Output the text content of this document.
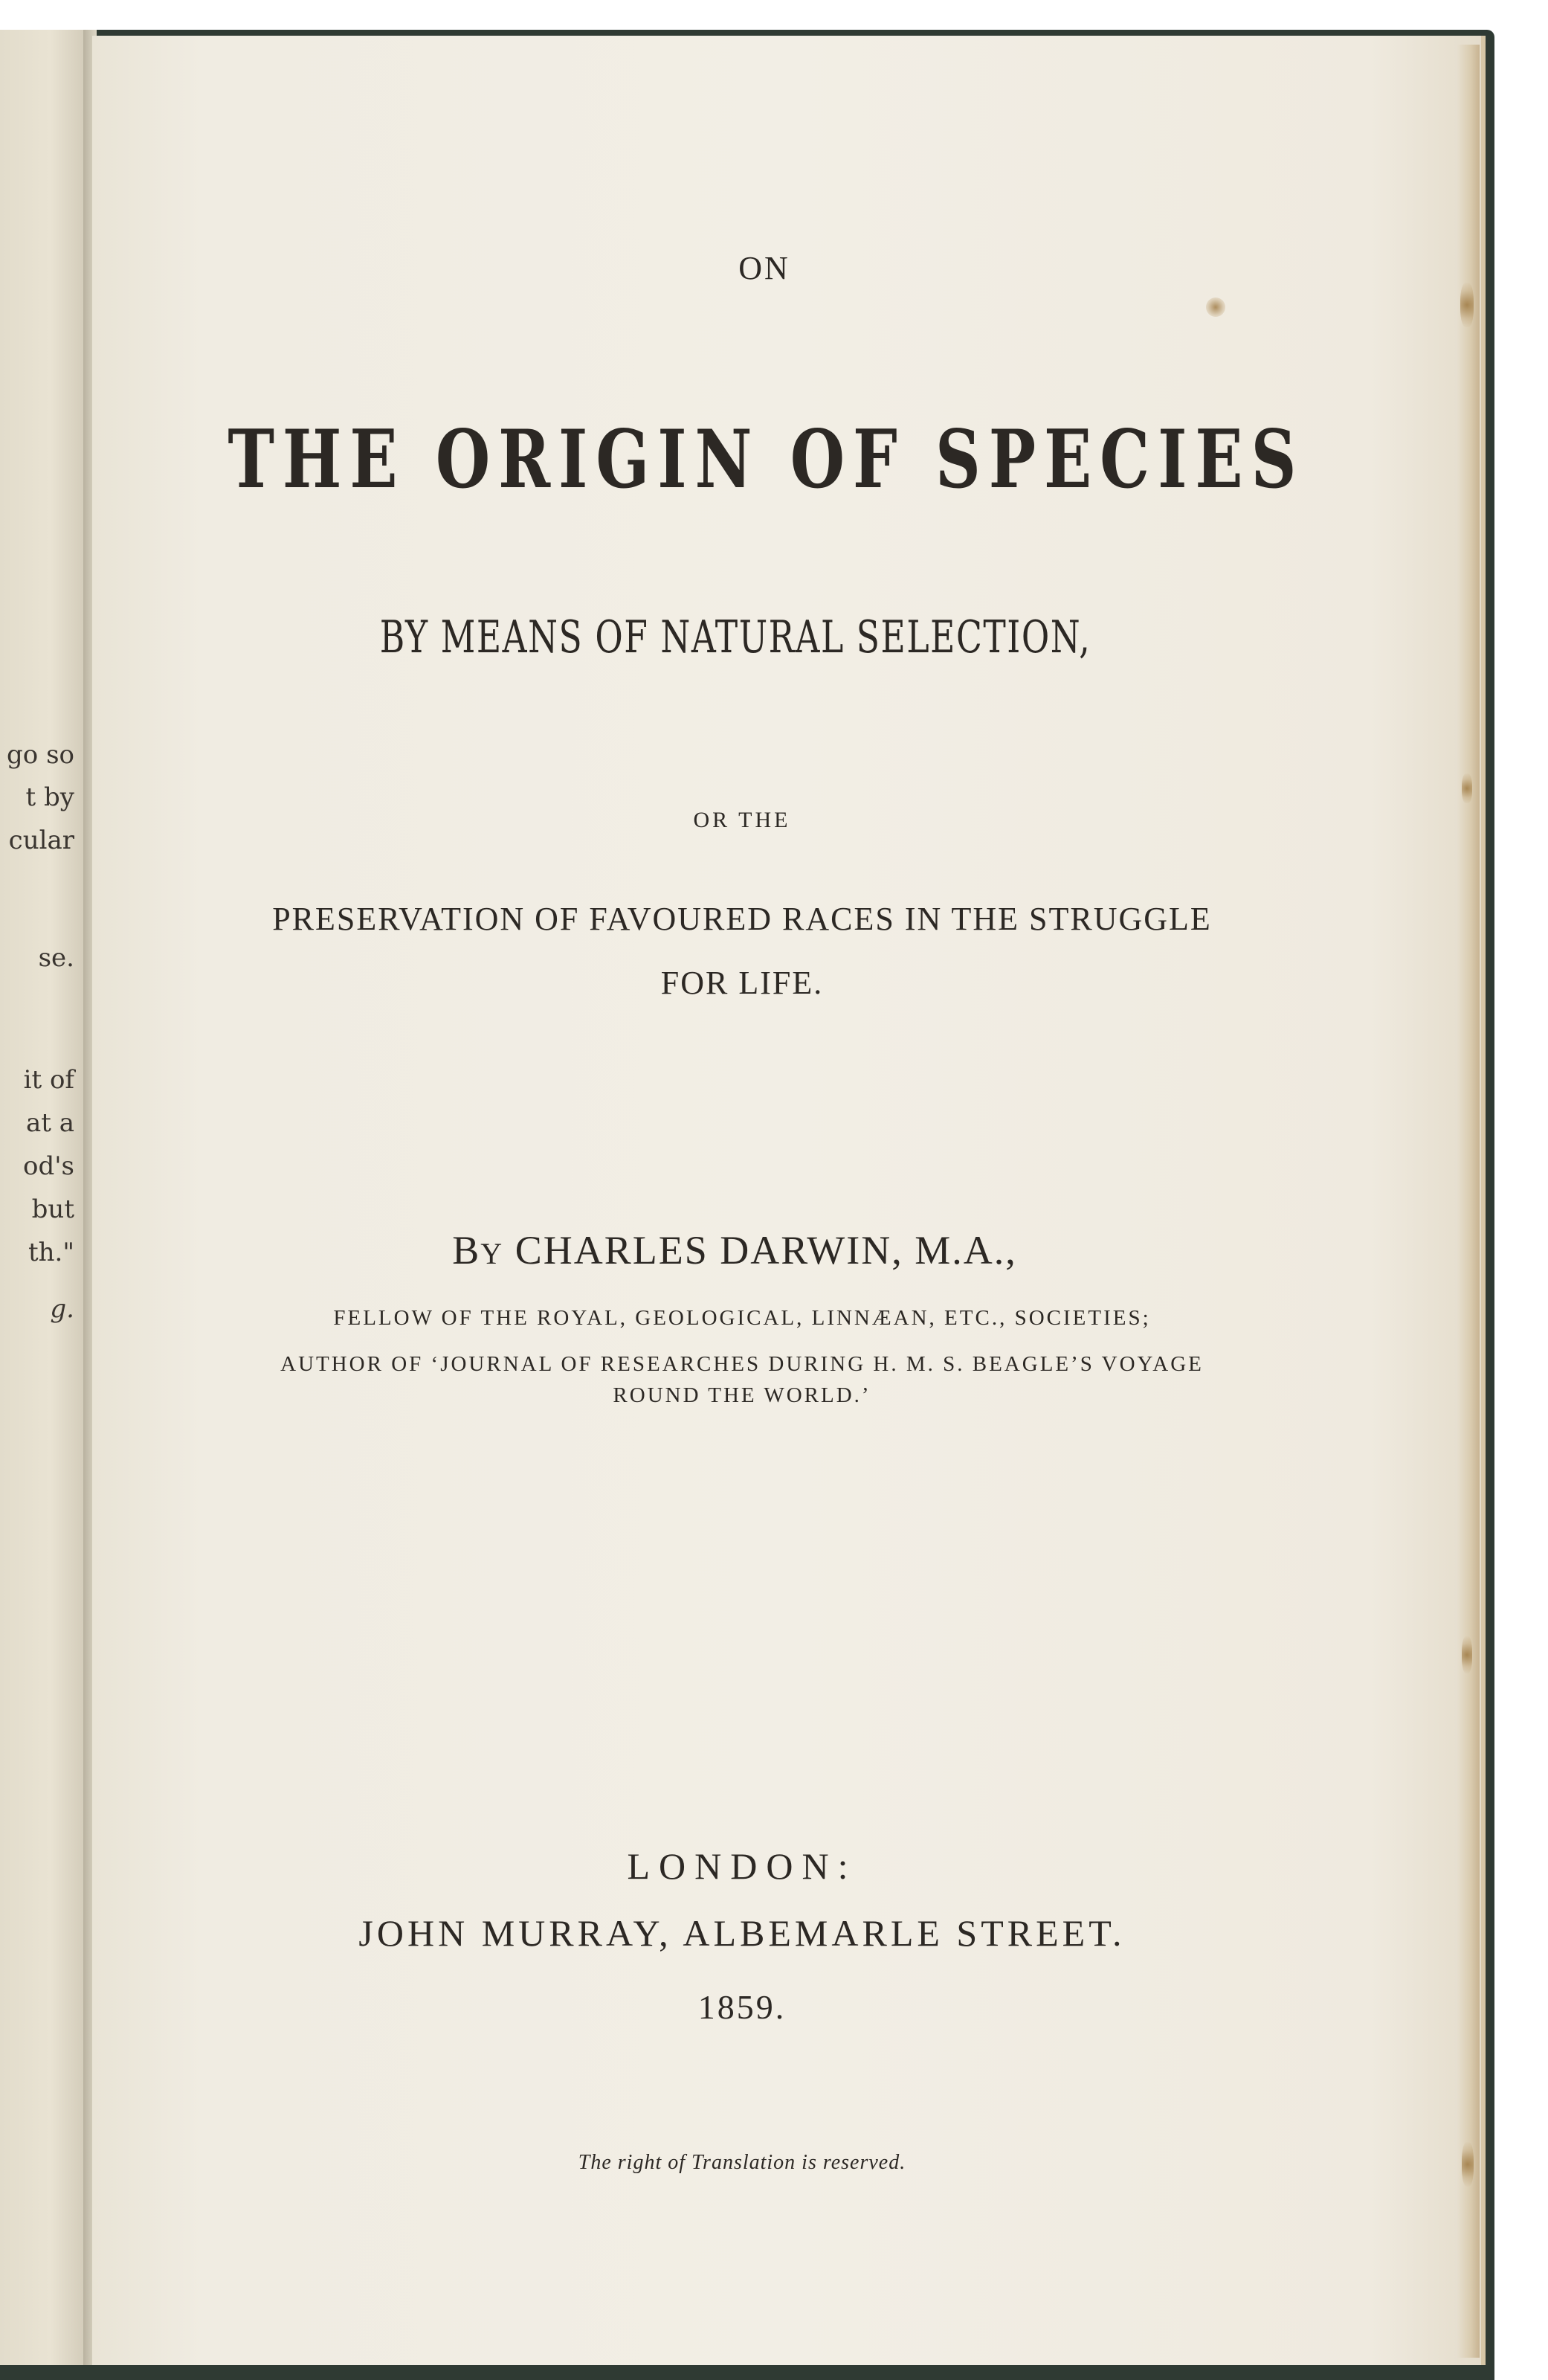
go so
t by
cular
se.
it of
at a
od's
but
th."
g.
ON
THE ORIGIN OF SPECIES
BY MEANS OF NATURAL SELECTION,
OR THE
PRESERVATION OF FAVOURED RACES IN THE STRUGGLE
FOR LIFE.
BY CHARLES DARWIN, M.A.,
FELLOW OF THE ROYAL, GEOLOGICAL, LINNÆAN, ETC., SOCIETIES;
AUTHOR OF ‘JOURNAL OF RESEARCHES DURING H. M. S. BEAGLE’S VOYAGE
ROUND THE WORLD.’
LONDON:
JOHN MURRAY, ALBEMARLE STREET.
1859.
The right of Translation is reserved.
